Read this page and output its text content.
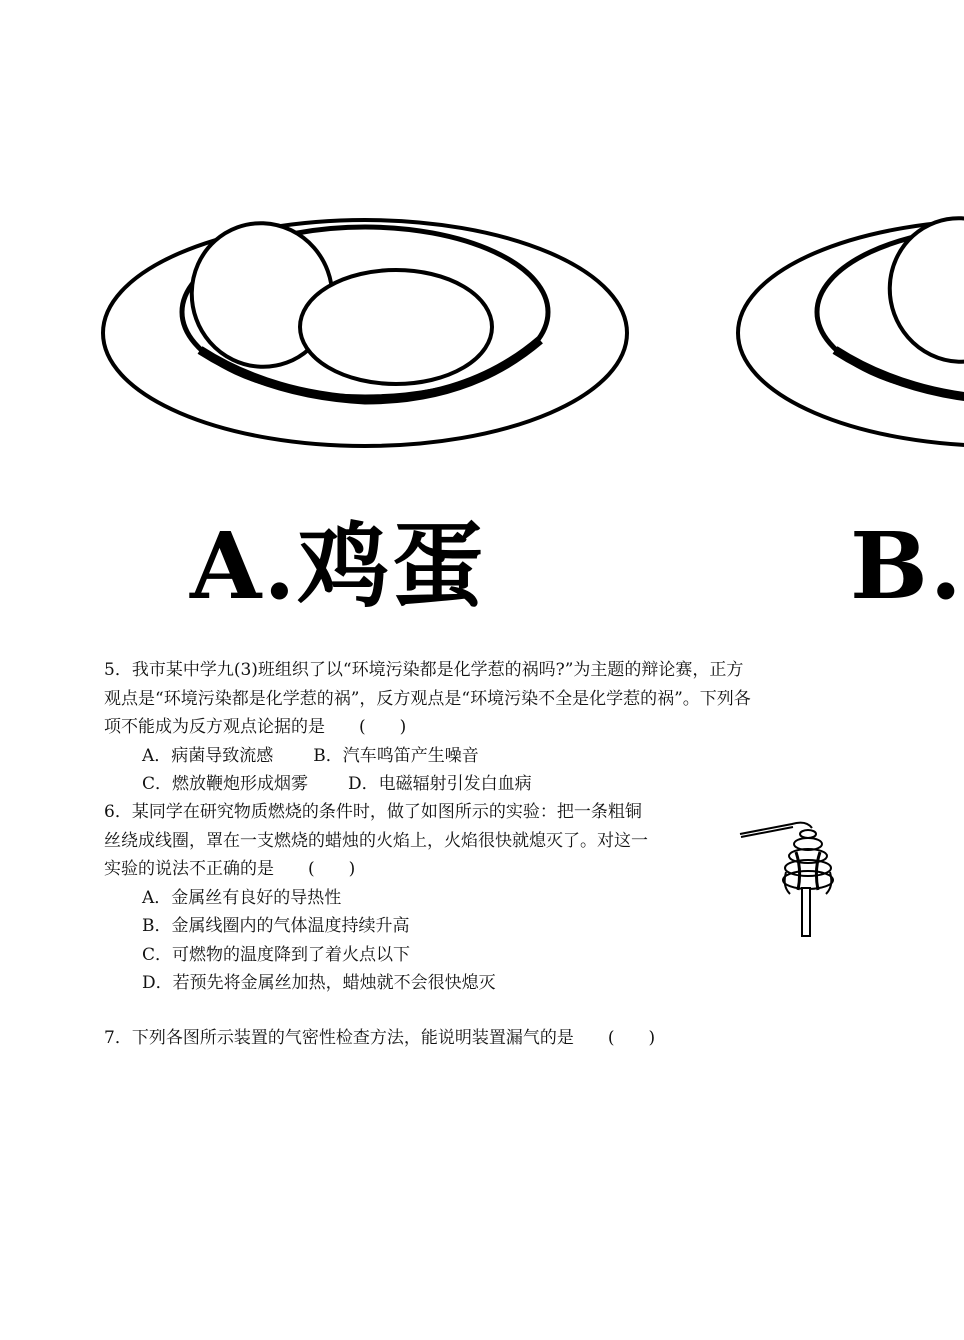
A.鸡蛋	B.
5．我市某中学九(3)班组织了以“环境污染都是化学惹的祸吗?”为主题的辩论赛，正方
观点是“环境污染都是化学惹的祸”，反方观点是“环境污染不全是化学惹的祸”。下列各
项不能成为反方观点论据的是　　(　　)
A．病菌导致流感 B．汽车鸣笛产生噪音
C．燃放鞭炮形成烟雾 D．电磁辐射引发白血病
6．某同学在研究物质燃烧的条件时，做了如图所示的实验：把一条粗铜
丝绕成线圈，罩在一支燃烧的蜡烛的火焰上，火焰很快就熄灭了。对这一
实验的说法不正确的是　　(　　)
A．金属丝有良好的导热性
B．金属线圈内的气体温度持续升高
C．可燃物的温度降到了着火点以下
D．若预先将金属丝加热，蜡烛就不会很快熄灭
7．下列各图所示装置的气密性检查方法，能说明装置漏气的是　　(　　)
